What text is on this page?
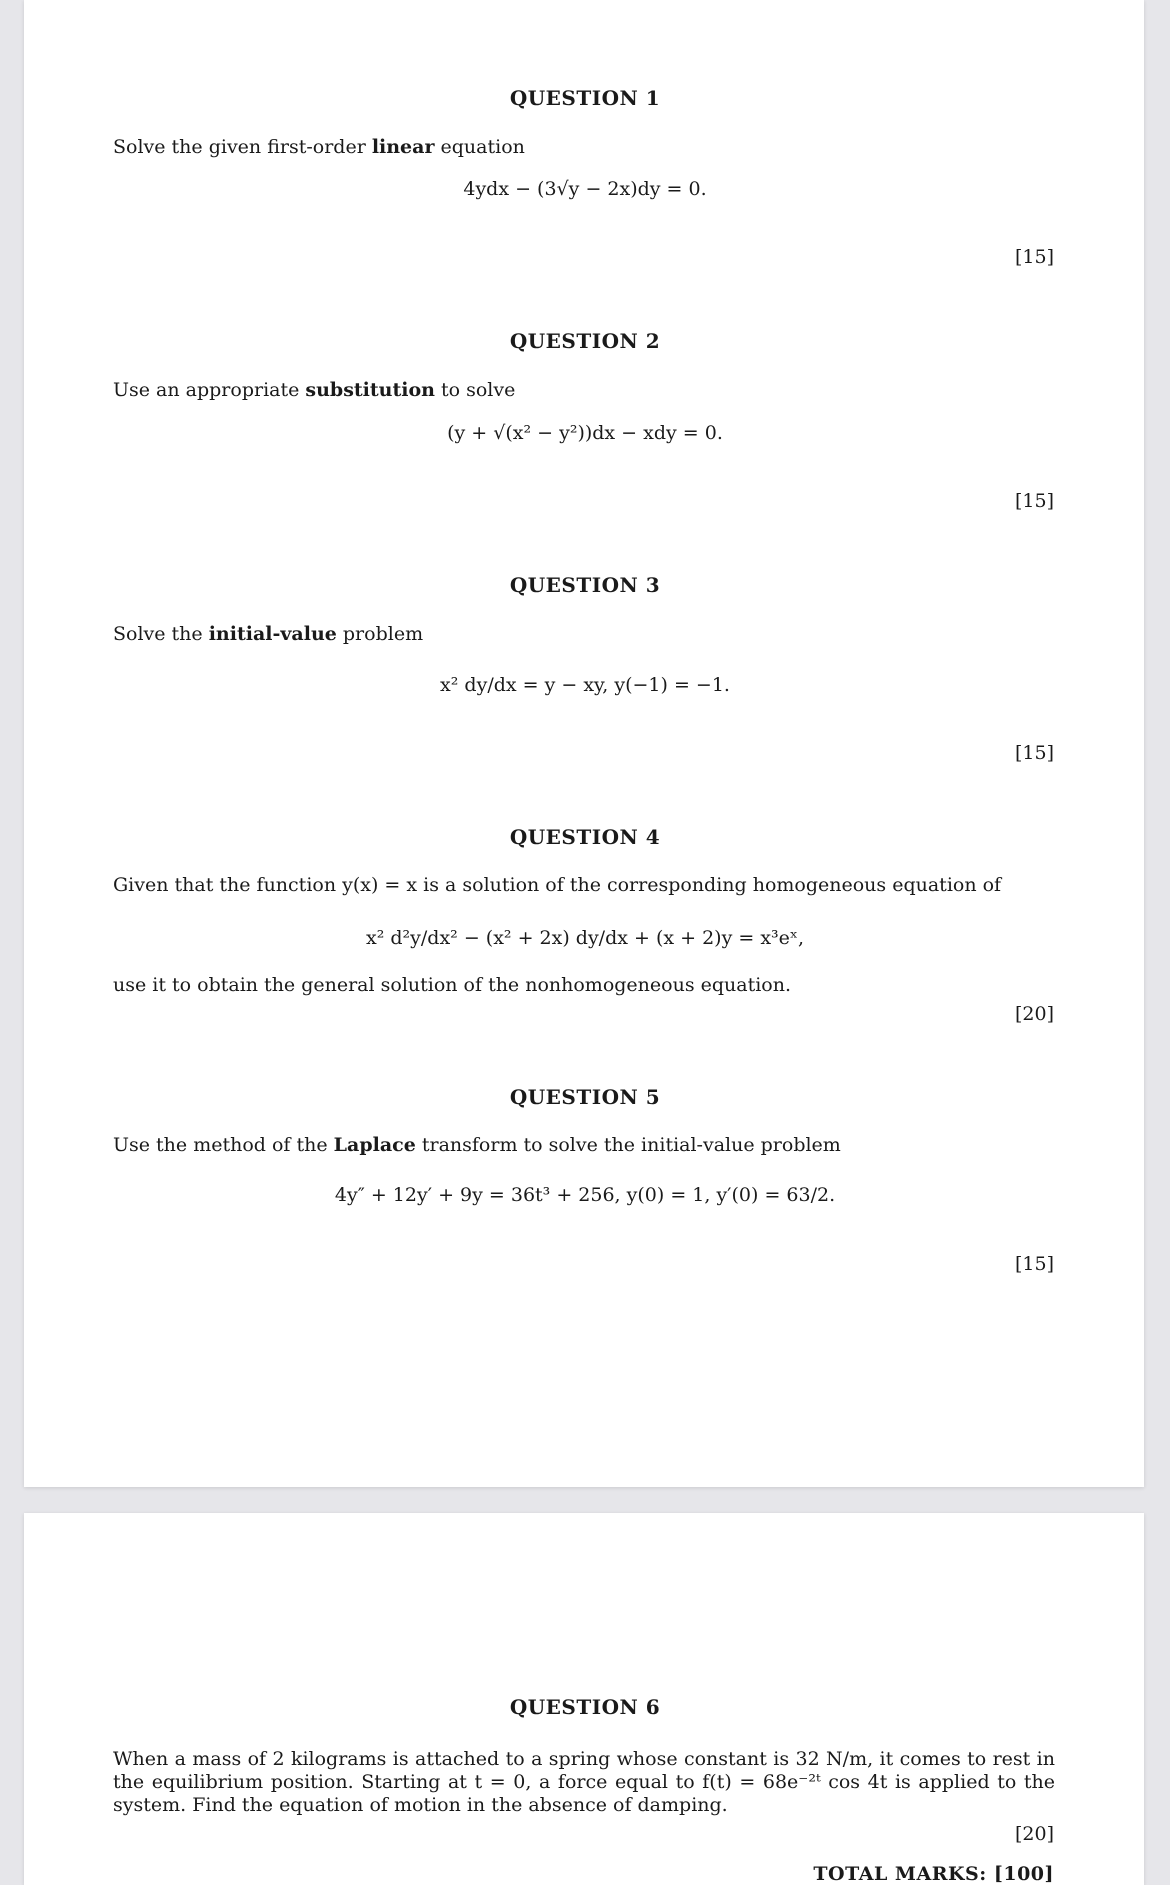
QUESTION 1
Solve the given first-order linear equation
4ydx − (3√y − 2x)dy = 0.
[15]
QUESTION 2
Use an appropriate substitution to solve
(y + √(x² − y²))dx − xdy = 0.
[15]
QUESTION 3
Solve the initial-value problem
x² dy/dx = y − xy, y(−1) = −1.
[15]
QUESTION 4
Given that the function y(x) = x is a solution of the corresponding homogeneous equation of
x² d²y/dx² − (x² + 2x) dy/dx + (x + 2)y = x³eˣ,
use it to obtain the general solution of the nonhomogeneous equation.
[20]
QUESTION 5
Use the method of the Laplace transform to solve the initial-value problem
4y″ + 12y′ + 9y = 36t³ + 256, y(0) = 1, y′(0) = 63/2.
[15]
QUESTION 6
When a mass of 2 kilograms is attached to a spring whose constant is 32 N/m, it comes to rest in the equilibrium position. Starting at t = 0, a force equal to f(t) = 68e⁻²ᵗ cos 4t is applied to the system. Find the equation of motion in the absence of damping.
[20]
TOTAL MARKS: [100]
